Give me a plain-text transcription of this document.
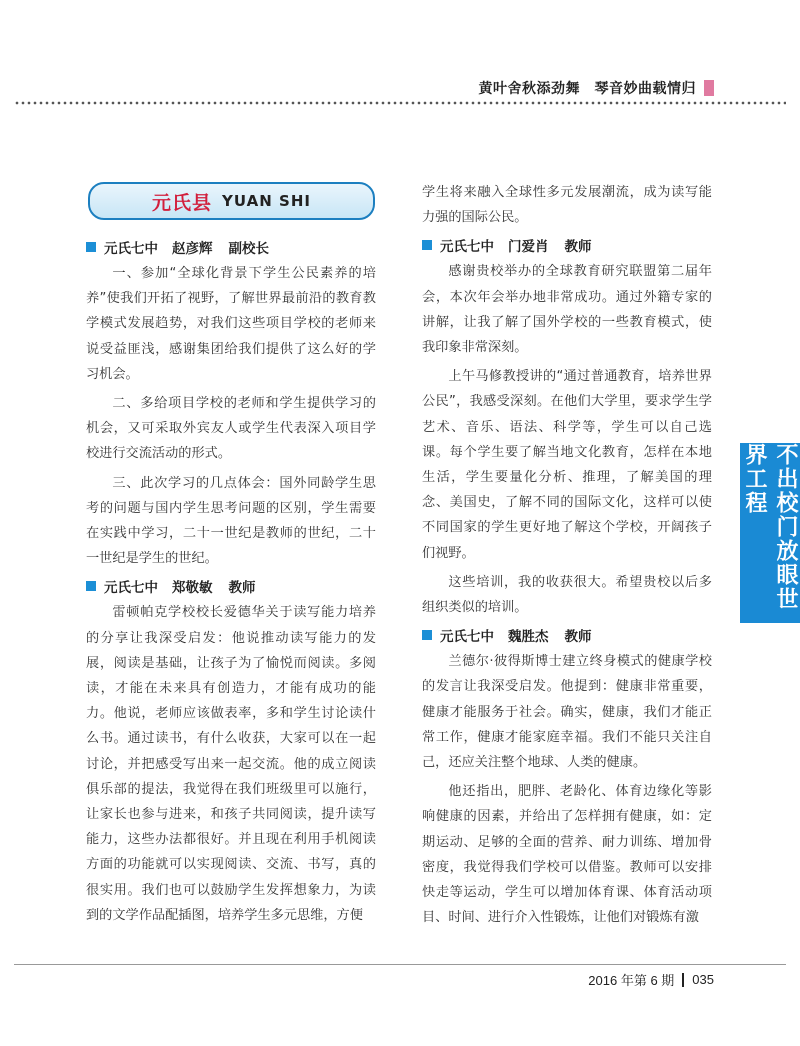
黄叶舍秋添劲舞　琴音妙曲载情归
元氏县 YUAN SHI
元氏七中 赵彦辉 副校长

一、参加“全球化背景下学生公民素养的培养”使我们开拓了视野，了解世界最前沿的教育教学模式发展趋势，对我们这些项目学校的老师来说受益匪浅，感谢集团给我们提供了这么好的学习机会。

二、多给项目学校的老师和学生提供学习的机会，又可采取外宾友人或学生代表深入项目学校进行交流活动的形式。

三、此次学习的几点体会：国外同龄学生思考的问题与国内学生思考问题的区别，学生需要在实践中学习，二十一世纪是教师的世纪，二十一世纪是学生的世纪。

元氏七中 郑敬敏 教师

雷顿帕克学校校长爱德华关于读写能力培养的分享让我深受启发：他说推动读写能力的发展，阅读是基础，让孩子为了愉悦而阅读。多阅读，才能在未来具有创造力，才能有成功的能力。他说，老师应该做表率，多和学生讨论读什么书。通过读书，有什么收获，大家可以在一起讨论，并把感受写出来一起交流。他的成立阅读俱乐部的提法，我觉得在我们班级里可以施行，让家长也参与进来，和孩子共同阅读，提升读写能力，这些办法都很好。并且现在利用手机阅读方面的功能就可以实现阅读、交流、书写，真的很实用。我们也可以鼓励学生发挥想象力，为读到的文学作品配插图，培养学生多元思维，方便

学生将来融入全球性多元发展潮流，成为读写能力强的国际公民。

元氏七中 门爱肖 教师

感谢贵校举办的全球教育研究联盟第二届年会，本次年会举办地非常成功。通过外籍专家的讲解，让我了解了国外学校的一些教育模式，使我印象非常深刻。

上午马修教授讲的“通过普通教育，培养世界公民”，我感受深刻。在他们大学里，要求学生学艺术、音乐、语法、科学等，学生可以自己选课。每个学生要了解当地文化教育，怎样在本地生活，学生要量化分析、推理，了解美国的理念、美国史，了解不同的国际文化，这样可以使不同国家的学生更好地了解这个学校，开阔孩子们视野。

这些培训，我的收获很大。希望贵校以后多组织类似的培训。

元氏七中 魏胜杰 教师

兰德尔·彼得斯博士建立终身模式的健康学校的发言让我深受启发。他提到：健康非常重要，健康才能服务于社会。确实，健康，我们才能正常工作，健康才能家庭幸福。我们不能只关注自己，还应关注整个地球、人类的健康。

他还指出，肥胖、老龄化、体育边缘化等影响健康的因素，并给出了怎样拥有健康，如：定期运动、足够的全面的营养、耐力训练、增加骨密度，我觉得我们学校可以借鉴。教师可以安排快走等运动，学生可以增加体育课、体育活动项目、时间、进行介入性锻炼，让他们对锻炼有激

不出校门放眼世界工程
2016 年第 6 期 035
